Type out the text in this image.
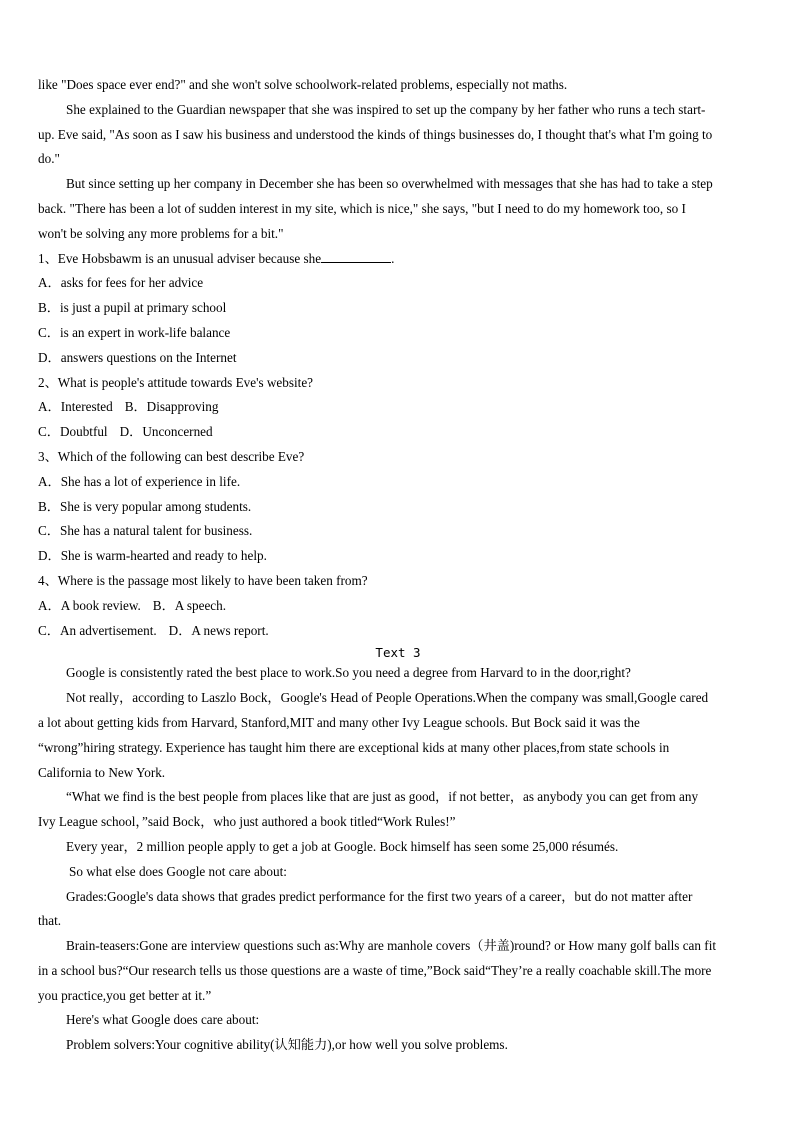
like "Does space ever end?" and she won't solve schoolwork-related problems, especially not maths.
She explained to the Guardian newspaper that she was inspired to set up the company by her father who runs a tech start-
up. Eve said, "As soon as I saw his business and understood the kinds of things businesses do, I thought that's what I'm going to
do."
But since setting up her company in December she has been so overwhelmed with messages that she has had to take a step
back. "There has been a lot of sudden interest in my site, which is nice," she says, "but I need to do my homework too, so I
won't be solving any more problems for a bit."
1、Eve Hobsbawm is an unusual adviser because she	.
A．asks for fees for her advice
B．is just a pupil at primary school
C．is an expert in work-life balance
D．answers questions on the Internet
2、What is people's attitude towards Eve's website?
A．Interested B．Disapproving
C．Doubtful D．Unconcerned
3、Which of the following can best describe Eve?
A．She has a lot of experience in life.
B．She is very popular among students.
C．She has a natural talent for business.
D．She is warm-hearted and ready to help.
4、Where is the passage most likely to have been taken from?
A．A book review. B．A speech.
C．An advertisement. D．A news report.
Text 3
Google is consistently rated the best place to work.So you need a degree from Harvard to in the door,right?
Not really，according to Laszlo Bock，Google's Head of People Operations.When the company was small,Google cared
a lot about getting kids from Harvard, Stanford,MIT and many other Ivy League schools. But Bock said it was the
“wrong”hiring strategy. Experience has taught him there are exceptional kids at many other places,from state schools in
California to New York.
“What we find is the best people from places like that are just as good，if not better，as anybody you can get from any
Ivy League school，”said Bock，who just authored a book titled“Work Rules!”
Every year，2 million people apply to get a job at Google. Bock himself has seen some 25,000 résumés.
So what else does Google not care about:
Grades:Google's data shows that grades predict performance for the first two years of a career，but do not matter after
that.
Brain-teasers:Gone are interview questions such as:Why are manhole covers（井盖)round? or How many golf balls can fit
in a school bus?“Our research tells us those questions are a waste of time,”Bock said“They’re a really coachable skill.The more
you practice,you get better at it.”
Here's what Google does care about:
Problem solvers:Your cognitive ability(认知能力),or how well you solve problems.
